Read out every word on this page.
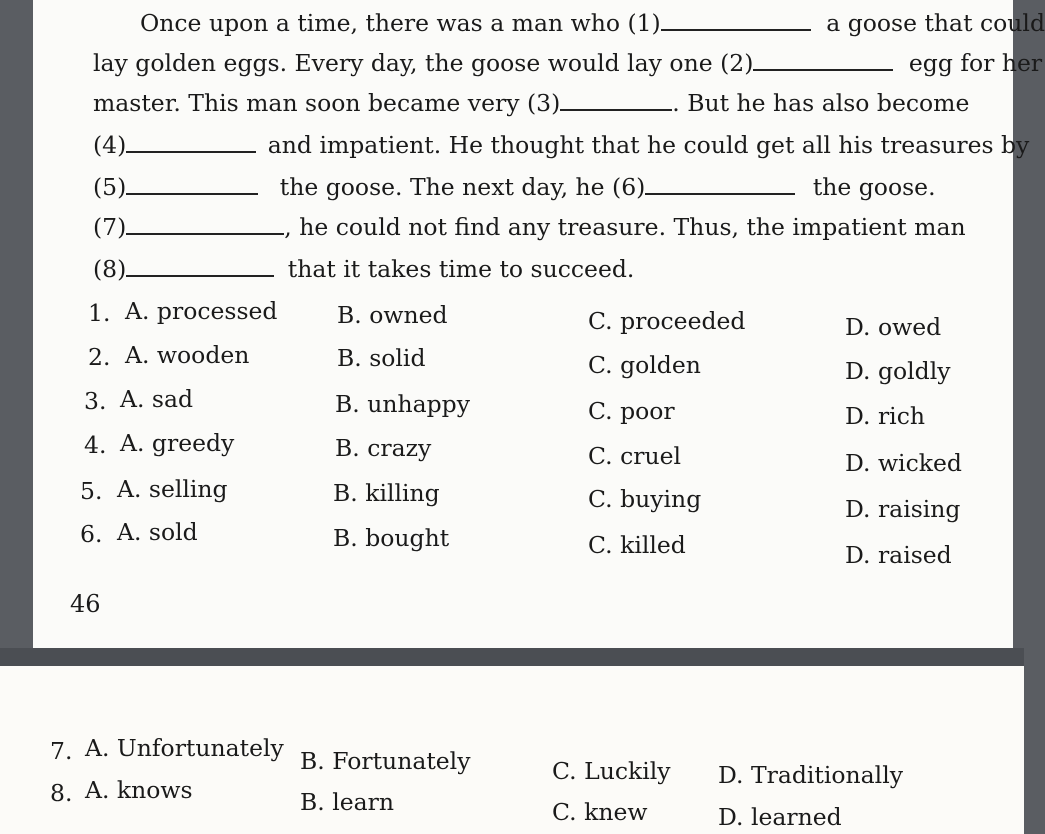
Once upon a time, there was a man who (1)	a goose that could
lay golden eggs. Every day, the goose would lay one (2)	egg for her
master. This man soon became very (3)	. But he has also become
(4)	and impatient. He thought that he could get all his treasures by
(5)	the goose. The next day, he (6)	the goose.
(7)	, he could not find any treasure. Thus, the impatient man
(8)	that it takes time to succeed.
1. A. processed	B. owned	C. proceeded	D. owed
2. A. wooden	B. solid	C. golden	D. goldly
3. A. sad	B. unhappy	C. poor	D. rich
4. A. greedy	B. crazy	C. cruel	D. wicked
5. A. selling	B. killing	C. buying	D. raising
6. A. sold	B. bought	C. killed	D. raised
46
7. A. Unfortunately B. Fortunately	C. Luckily D. Traditionally
8. A. knows	B. learn	C. knew	D. learned
